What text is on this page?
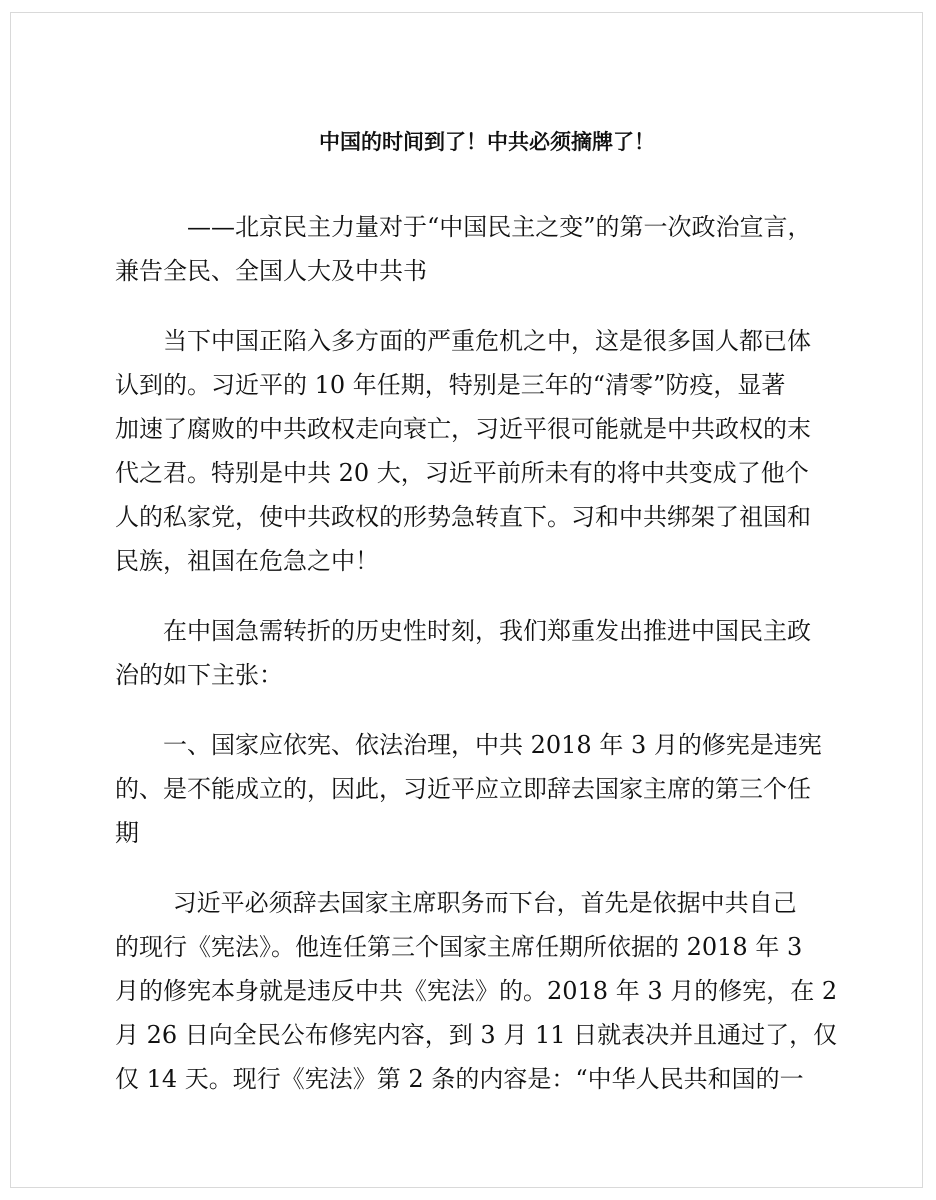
中国的时间到了！中共必须摘牌了！

——北京民主力量对于“中国民主之变”的第一次政治宣言，
兼告全民、全国人大及中共书

当下中国正陷入多方面的严重危机之中，这是很多国人都已体
认到的。习近平的 10 年任期，特别是三年的“清零”防疫，显著
加速了腐败的中共政权走向衰亡，习近平很可能就是中共政权的末
代之君。特别是中共 20 大，习近平前所未有的将中共变成了他个
人的私家党，使中共政权的形势急转直下。习和中共绑架了祖国和
民族，祖国在危急之中！

在中国急需转折的历史性时刻，我们郑重发出推进中国民主政
治的如下主张：

一、国家应依宪、依法治理，中共 2018 年 3 月的修宪是违宪
的、是不能成立的，因此，习近平应立即辞去国家主席的第三个任
期

习近平必须辞去国家主席职务而下台，首先是依据中共自己
的现行《宪法》。他连任第三个国家主席任期所依据的 2018 年 3
月的修宪本身就是违反中共《宪法》的。2018 年 3 月的修宪，在 2
月 26 日向全民公布修宪内容，到 3 月 11 日就表决并且通过了，仅
仅 14 天。现行《宪法》第 2 条的内容是：“中华人民共和国的一
